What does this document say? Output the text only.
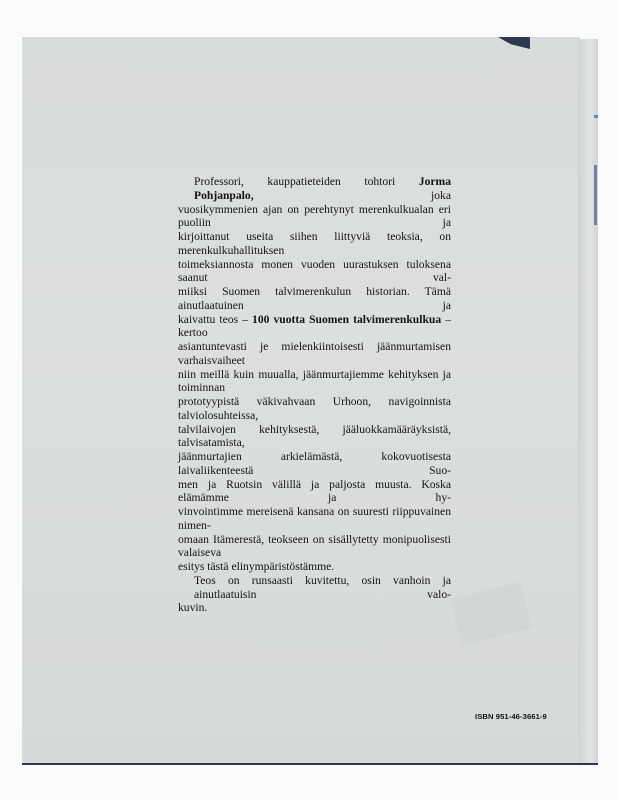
Professori, kauppatieteiden tohtori Jorma Pohjanpalo, joka
vuosikymmenien ajan on perehtynyt merenkulkualan eri puoliin ja
kirjoittanut useita siihen liittyviä teoksia, on merenkulkuhallituksen
toimeksiannosta monen vuoden uurastuksen tuloksena saanut val-
miiksi Suomen talvimerenkulun historian. Tämä ainutlaatuinen ja
kaivattu teos – 100 vuotta Suomen talvimerenkulkua – kertoo
asiantuntevasti je mielenkiintoisesti jäänmurtamisen varhaisvaiheet
niin meillä kuin muualla, jäänmurtajiemme kehityksen ja toiminnan
prototyypistä väkivahvaan Urhoon, navigoinnista talviolosuhteissa,
talvilaivojen kehityksestä, jääluokkamääräyksistä, talvisatamista,
jäänmurtajien arkielämästä, kokovuotisesta laivaliikenteestä Suo-
men ja Ruotsin välillä ja paljosta muusta. Koska elämämme ja hy-
vinvointimme mereisenä kansana on suuresti riippuvainen nimen-
omaan Itämerestä, teokseen on sisällytetty monipuolisesti valaiseva
esitys tästä elinympäristöstämme.
Teos on runsaasti kuvitettu, osin vanhoin ja ainutlaatuisin valo-
kuvin.
ISBN 951-46-3661-9
